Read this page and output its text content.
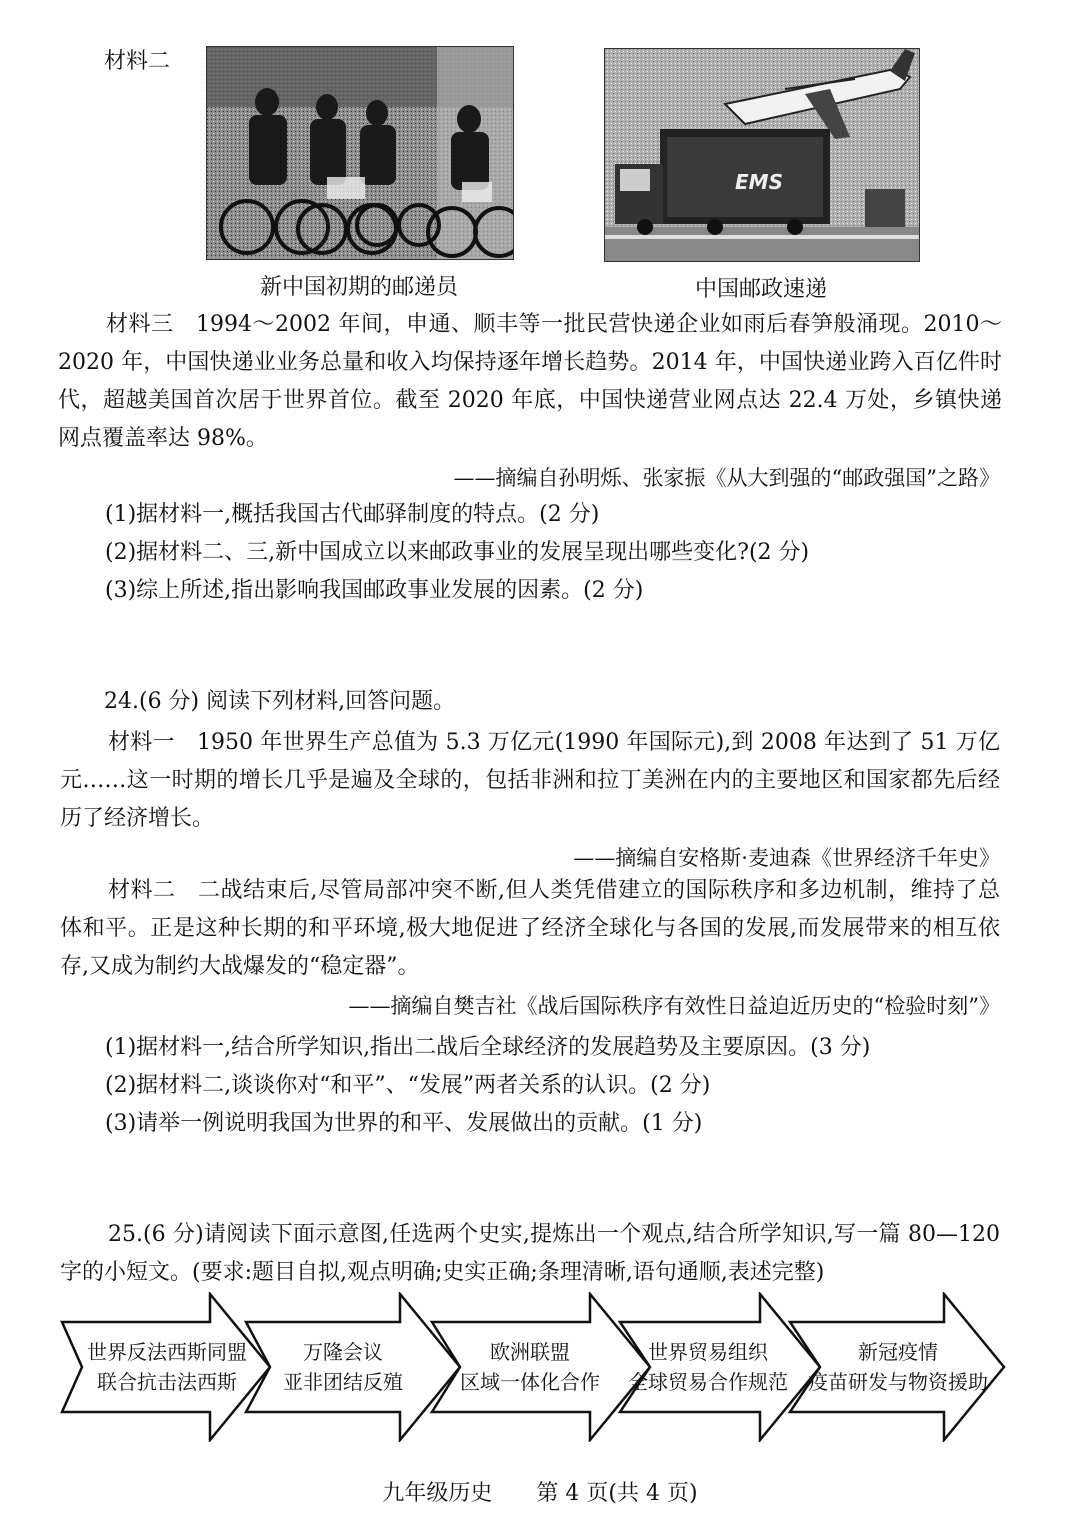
材料二
新中国初期的邮递员
EMS
中国邮政速递
材料三　1994～2002 年间，申通、顺丰等一批民营快递企业如雨后春笋般涌现。2010～2020 年，中国快递业业务总量和收入均保持逐年增长趋势。2014 年，中国快递业跨入百亿件时代，超越美国首次居于世界首位。截至 2020 年底，中国快递营业网点达 22.4 万处，乡镇快递网点覆盖率达 98%。
——摘编自孙明烁、张家振《从大到强的“邮政强国”之路》
(1)据材料一,概括我国古代邮驿制度的特点。(2 分)
(2)据材料二、三,新中国成立以来邮政事业的发展呈现出哪些变化?(2 分)
(3)综上所述,指出影响我国邮政事业发展的因素。(2 分)
24.(6 分) 阅读下列材料,回答问题。
材料一　1950 年世界生产总值为 5.3 万亿元(1990 年国际元),到 2008 年达到了 51 万亿元……这一时期的增长几乎是遍及全球的，包括非洲和拉丁美洲在内的主要地区和国家都先后经历了经济增长。
——摘编自安格斯·麦迪森《世界经济千年史》
材料二　二战结束后,尽管局部冲突不断,但人类凭借建立的国际秩序和多边机制，维持了总体和平。正是这种长期的和平环境,极大地促进了经济全球化与各国的发展,而发展带来的相互依存,又成为制约大战爆发的“稳定器”。
——摘编自樊吉社《战后国际秩序有效性日益迫近历史的“检验时刻”》
(1)据材料一,结合所学知识,指出二战后全球经济的发展趋势及主要原因。(3 分)
(2)据材料二,谈谈你对“和平”、“发展”两者关系的认识。(2 分)
(3)请举一例说明我国为世界的和平、发展做出的贡献。(1 分)
25.(6 分)请阅读下面示意图,任选两个史实,提炼出一个观点,结合所学知识,写一篇 80—120 字的小短文。(要求:题目自拟,观点明确;史实正确;条理清晰,语句通顺,表述完整)
世界反法西斯同盟
联合抗击法西斯
万隆会议
亚非团结反殖
欧洲联盟
区域一体化合作
世界贸易组织
全球贸易合作规范
新冠疫情
疫苗研发与物资援助
九年级历史　　第 4 页(共 4 页)
